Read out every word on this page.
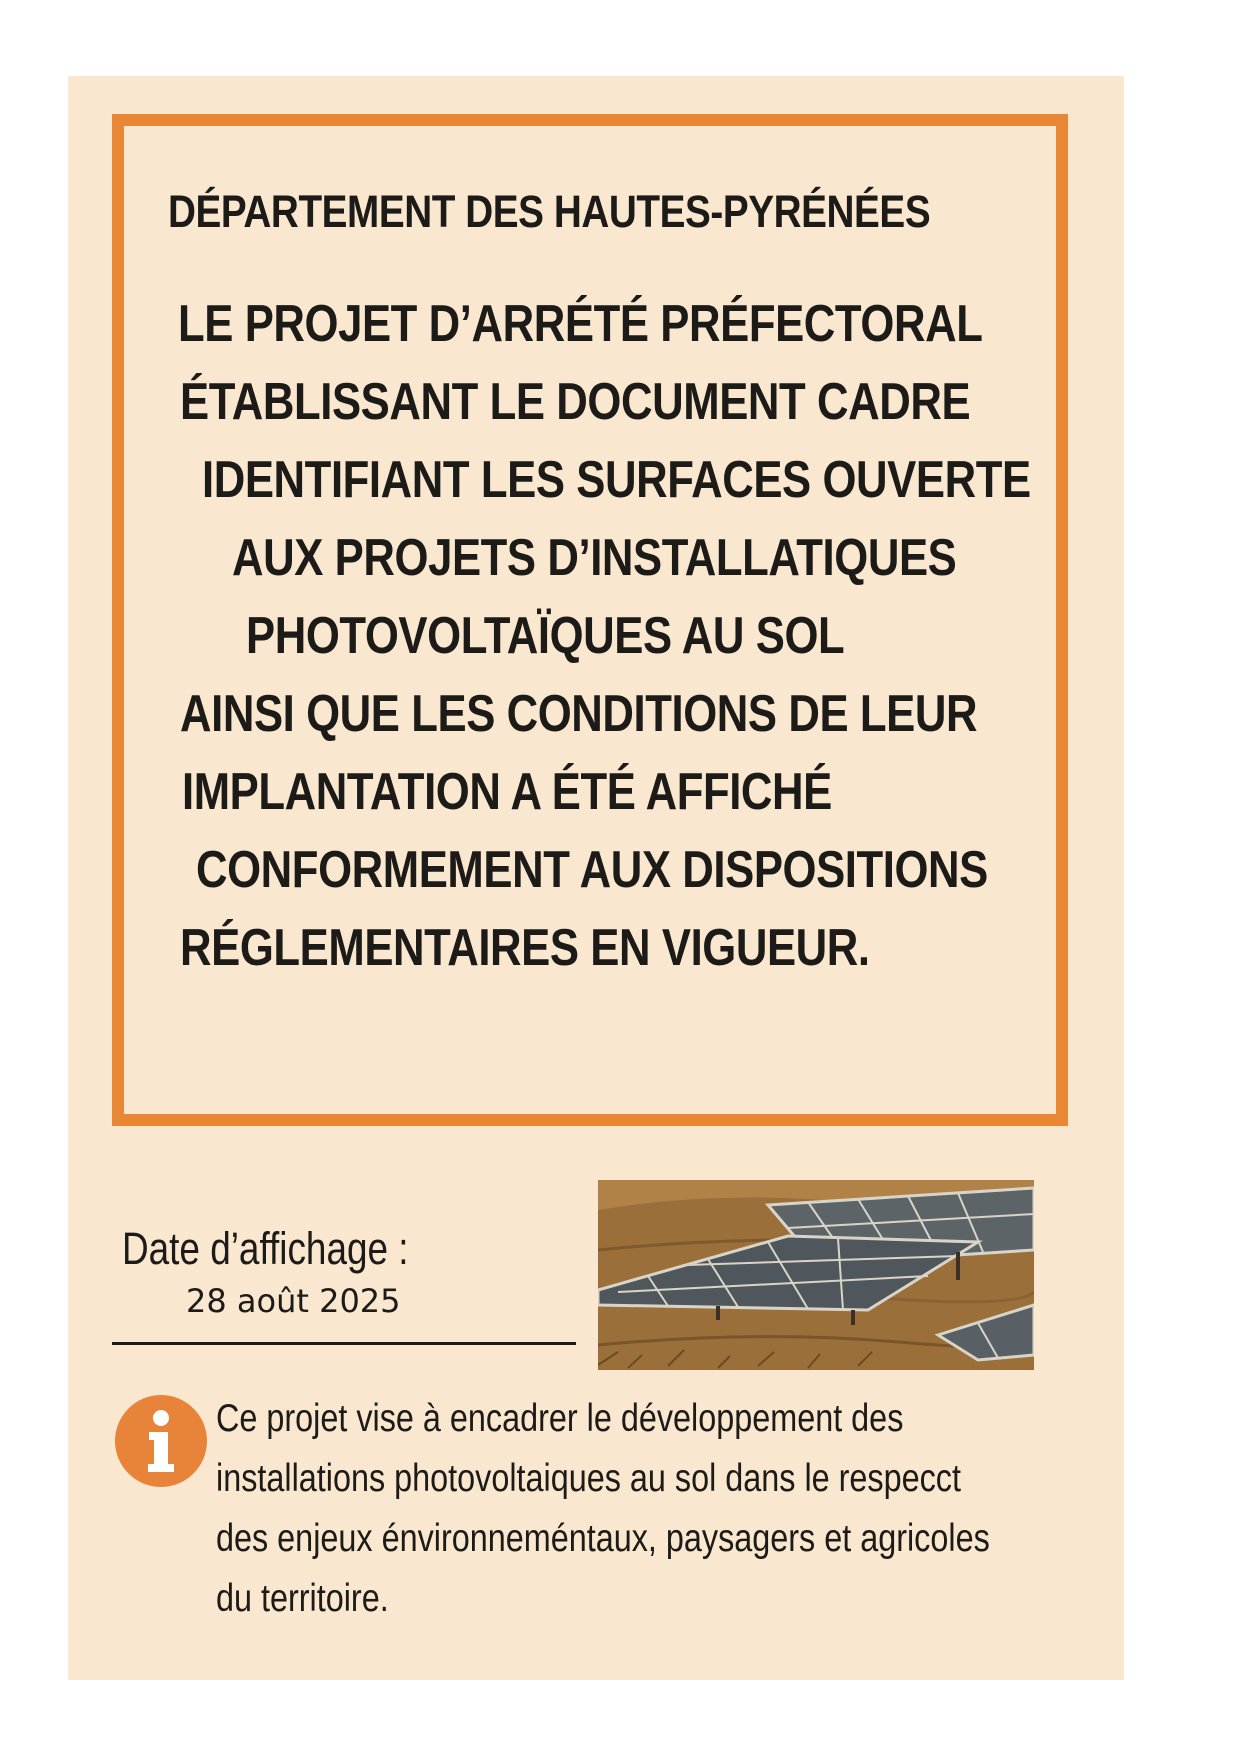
DÉPARTEMENT DES HAUTES-PYRÉNÉES
LE PROJET D’ARRÉTÉ PRÉFECTORAL
ÉTABLISSANT LE DOCUMENT CADRE
IDENTIFIANT LES SURFACES OUVERTE
AUX PROJETS D’INSTALLATIQUES
PHOTOVOLTAÏQUES AU SOL
AINSI QUE LES CONDITIONS DE LEUR
IMPLANTATION A ÉTÉ AFFICHÉ
CONFORMEMENT AUX DISPOSITIONS
RÉGLEMENTAIRES EN VIGUEUR.
Date d’affichage :
28 août 2025
Ce projet vise à encadrer le développement des
installations photovoltaiques au sol dans le respecct
des enjeux énvironneméntaux, paysagers et agricoles
du territoire.
